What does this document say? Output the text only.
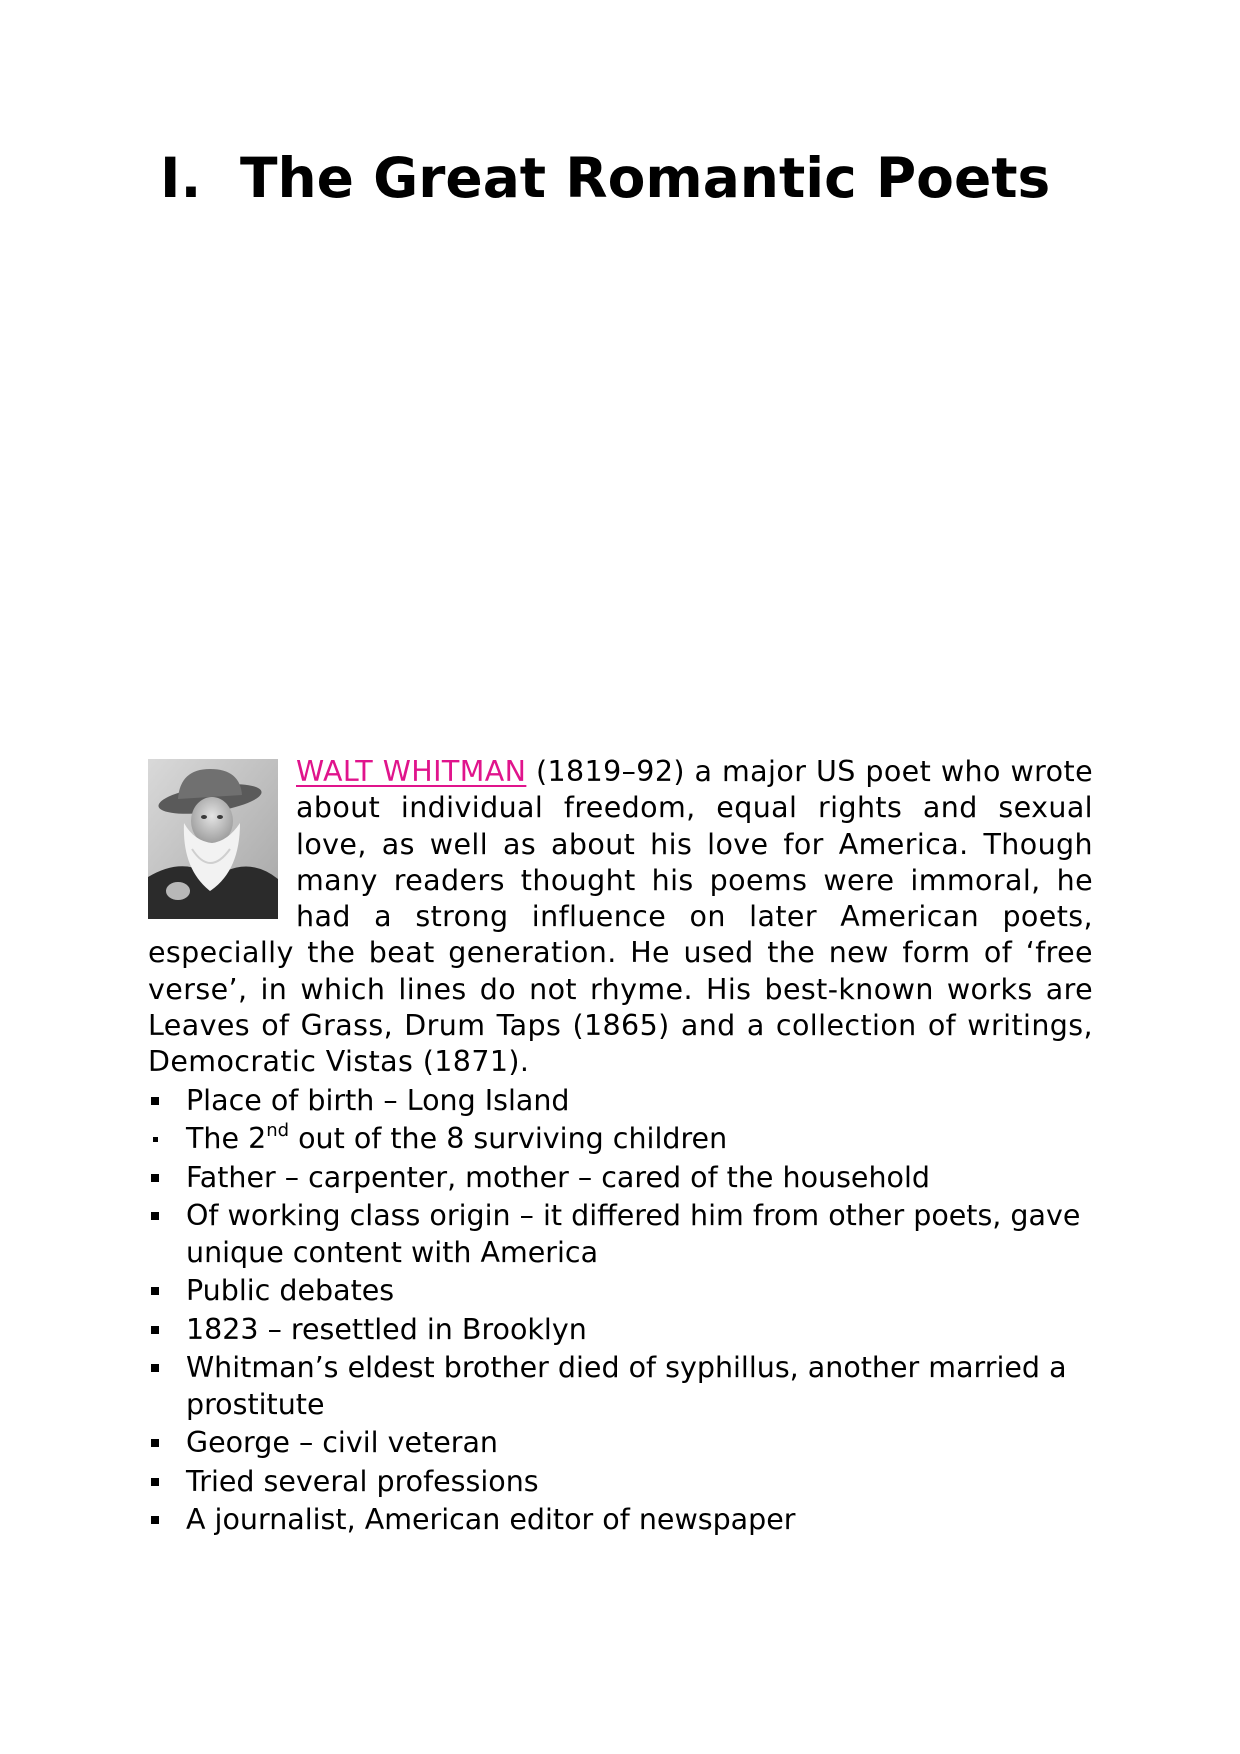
I. The Great Romantic Poets

WALT WHITMAN (1819–92) a major US poet who wrote about individual freedom, equal rights and sexual love, as well as about his love for America. Though many readers thought his poems were immoral, he had a strong influence on later American poets, especially the beat generation. He used the new form of ‘free verse’, in which lines do not rhyme. His best-known works are Leaves of Grass, Drum Taps (1865) and a collection of writings, Democratic Vistas (1871).

Place of birth – Long Island
The 2nd out of the 8 surviving children
Father – carpenter, mother – cared of the household
Of working class origin – it differed him from other poets, gave unique content with America
Public debates
1823 – resettled in Brooklyn
Whitman’s eldest brother died of syphillus, another married a prostitute
George – civil veteran
Tried several professions
A journalist, American editor of newspaper
